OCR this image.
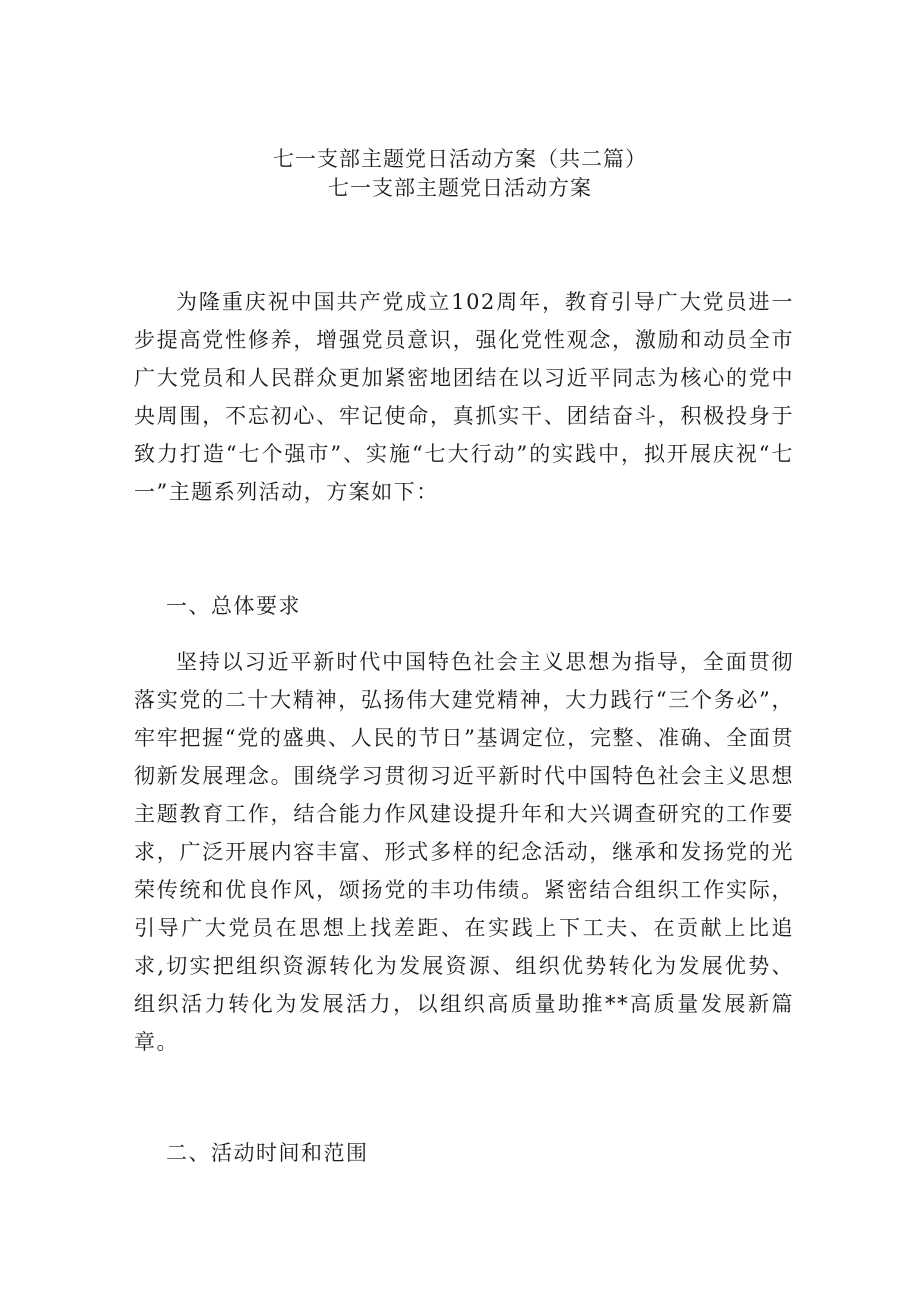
七一支部主题党日活动方案（共二篇）
七一支部主题党日活动方案
为隆重庆祝中国共产党成立102周年，教育引导广大党员进一步提高党性修养，增强党员意识，强化党性观念，激励和动员全市广大党员和人民群众更加紧密地团结在以习近平同志为核心的党中央周围，不忘初心、牢记使命，真抓实干、团结奋斗，积极投身于致力打造“七个强市”、实施“七大行动”的实践中，拟开展庆祝“七一”主题系列活动，方案如下：
一、总体要求
坚持以习近平新时代中国特色社会主义思想为指导，全面贯彻落实党的二十大精神，弘扬伟大建党精神，大力践行“三个务必”，牢牢把握“党的盛典、人民的节日”基调定位，完整、准确、全面贯彻新发展理念。围绕学习贯彻习近平新时代中国特色社会主义思想主题教育工作，结合能力作风建设提升年和大兴调查研究的工作要求，广泛开展内容丰富、形式多样的纪念活动，继承和发扬党的光荣传统和优良作风，颂扬党的丰功伟绩。紧密结合组织工作实际，引导广大党员在思想上找差距、在实践上下工夫、在贡献上比追求,切实把组织资源转化为发展资源、组织优势转化为发展优势、组织活力转化为发展活力，以组织高质量助推**高质量发展新篇章。
二、活动时间和范围
